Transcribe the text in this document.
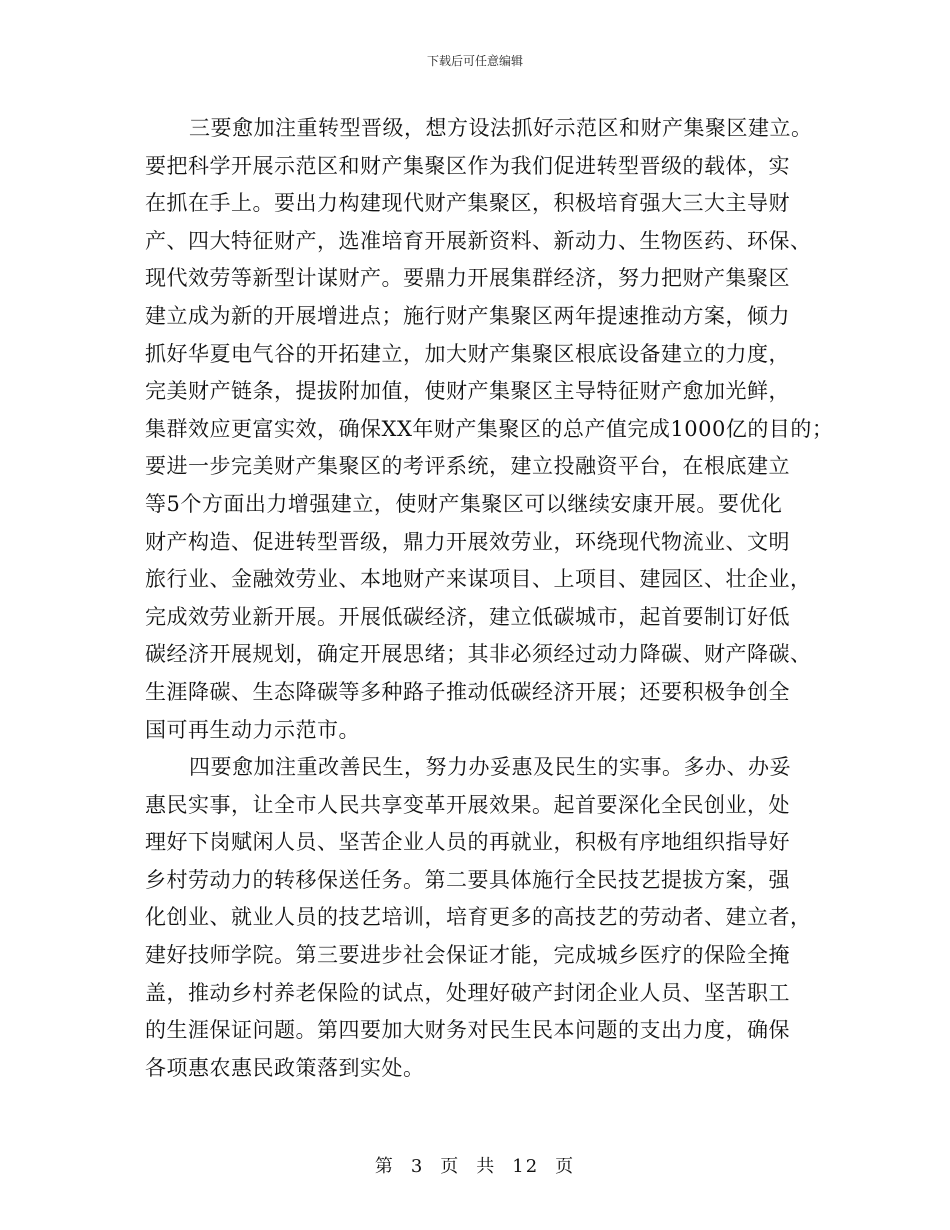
下载后可任意编辑
三要愈加注重转型晋级，想方设法抓好示范区和财产集聚区建立。
要把科学开展示范区和财产集聚区作为我们促进转型晋级的载体，实
在抓在手上。要出力构建现代财产集聚区，积极培育强大三大主导财
产、四大特征财产，选准培育开展新资料、新动力、生物医药、环保、
现代效劳等新型计谋财产。要鼎力开展集群经济，努力把财产集聚区
建立成为新的开展增进点；施行财产集聚区两年提速推动方案，倾力
抓好华夏电气谷的开拓建立，加大财产集聚区根底设备建立的力度，
完美财产链条，提拔附加值，使财产集聚区主导特征财产愈加光鲜，
集群效应更富实效，确保XX年财产集聚区的总产值完成1000亿的目的；
要进一步完美财产集聚区的考评系统，建立投融资平台，在根底建立
等5个方面出力增强建立，使财产集聚区可以继续安康开展。要优化
财产构造、促进转型晋级，鼎力开展效劳业，环绕现代物流业、文明
旅行业、金融效劳业、本地财产来谋项目、上项目、建园区、壮企业，
完成效劳业新开展。开展低碳经济，建立低碳城市，起首要制订好低
碳经济开展规划，确定开展思绪；其非必须经过动力降碳、财产降碳、
生涯降碳、生态降碳等多种路子推动低碳经济开展；还要积极争创全
国可再生动力示范市。
四要愈加注重改善民生，努力办妥惠及民生的实事。多办、办妥
惠民实事，让全市人民共享变革开展效果。起首要深化全民创业，处
理好下岗赋闲人员、坚苦企业人员的再就业，积极有序地组织指导好
乡村劳动力的转移保送任务。第二要具体施行全民技艺提拔方案，强
化创业、就业人员的技艺培训，培育更多的高技艺的劳动者、建立者，
建好技师学院。第三要进步社会保证才能，完成城乡医疗的保险全掩
盖，推动乡村养老保险的试点，处理好破产封闭企业人员、坚苦职工
的生涯保证问题。第四要加大财务对民生民本问题的支出力度，确保
各项惠农惠民政策落到实处。
第 3 页 共 12 页
